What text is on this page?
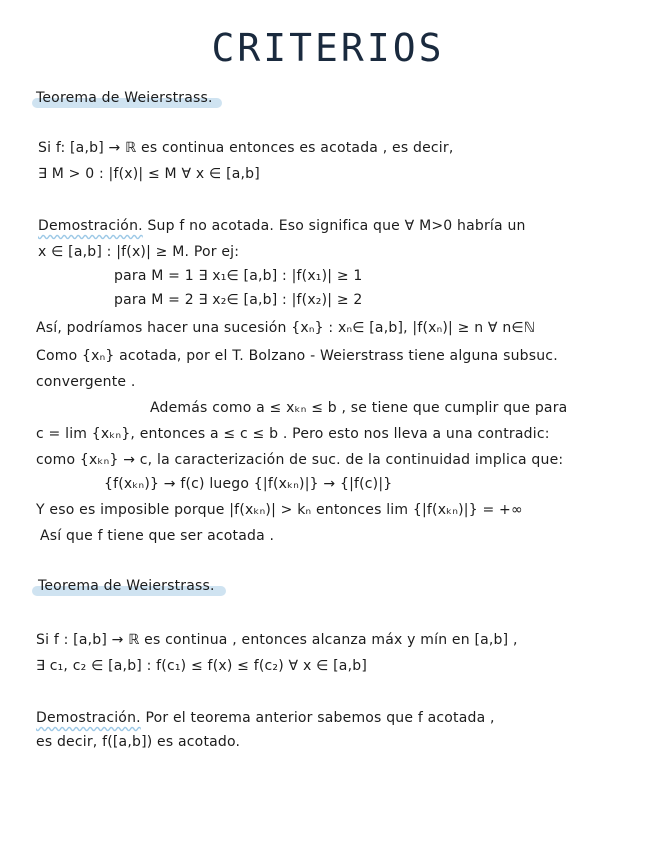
CRITERIOS
Teorema de Weierstrass.
Si f: [a,b] → ℝ es continua entonces es acotada , es decir,
∃ M > 0 : |f(x)| ≤ M ∀ x ∈ [a,b]
Demostración. Sup f no acotada. Eso significa que ∀ M>0 habría un
x ∈ [a,b] : |f(x)| ≥ M. Por ej:
para M = 1 ∃ x₁∈ [a,b] : |f(x₁)| ≥ 1
para M = 2 ∃ x₂∈ [a,b] : |f(x₂)| ≥ 2
Así, podríamos hacer una sucesión {xₙ} : xₙ∈ [a,b], |f(xₙ)| ≥ n ∀ n∈ℕ
Como {xₙ} acotada, por el T. Bolzano - Weierstrass tiene alguna subsuc.
convergente .
Además como a ≤ xₖₙ ≤ b , se tiene que cumplir que para
c = lim {xₖₙ}, entonces a ≤ c ≤ b . Pero esto nos lleva a una contradic:
como {xₖₙ} → c, la caracterización de suc. de la continuidad implica que:
{f(xₖₙ)} → f(c) luego {|f(xₖₙ)|} → {|f(c)|}
Y eso es imposible porque |f(xₖₙ)| > kₙ entonces lim {|f(xₖₙ)|} = +∞
Así que f tiene que ser acotada .
Teorema de Weierstrass.
Si f : [a,b] → ℝ es continua , entonces alcanza máx y mín en [a,b] ,
∃ c₁, c₂ ∈ [a,b] : f(c₁) ≤ f(x) ≤ f(c₂) ∀ x ∈ [a,b]
Demostración. Por el teorema anterior sabemos que f acotada ,
es decir, f([a,b]) es acotado.
